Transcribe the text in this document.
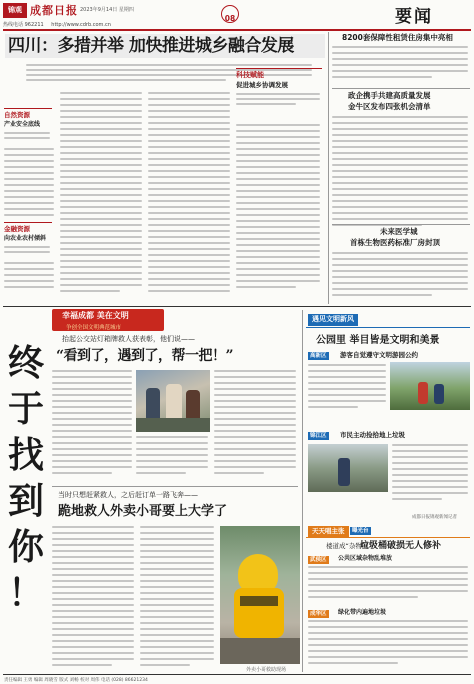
锦观 成都日报 2023年9月14日 星期四
热线电话 962211 http://www.cdrb.com.cn
08	要闻
四川：多措并举 加快推进城乡融合发展
自然资源
产业安全底线
金融资源
向农业农村倾斜
科技赋能
促进城乡协调发展
8200套保障性租赁住房集中亮相
政企携手共建高质量发展
金牛区发布四张机会清单
未来医学城
首栋生物医药标准厂房封顶
幸福成都 美在文明
争创全国文明典范城市
终
于
找
到
你
！
抬起公交站灯箱牌救人获表彰，他们说——
“看到了，遇到了，帮一把！”
当时只想赶紧救人，之后赶订单一路飞奔——
跪地救人外卖小哥要上大学了
外卖小哥救助现场
遇见文明新风
公园里 举目皆是文明和美景
高新区	游客自觉遵守文明游园公约
锦江区	市民主动捡拾地上垃圾
成都日报锦观新闻记者
天天唱主张	曝光台
楼道成“杂物间”
垃圾桶破损无人修补
武侯区	公共区域杂物乱堆放
成华区	绿化带内遍地垃圾
责任编辑 王勇 编辑 周晓雪 版式 刘畅 校对 周伟 电话 (028) 86621234
